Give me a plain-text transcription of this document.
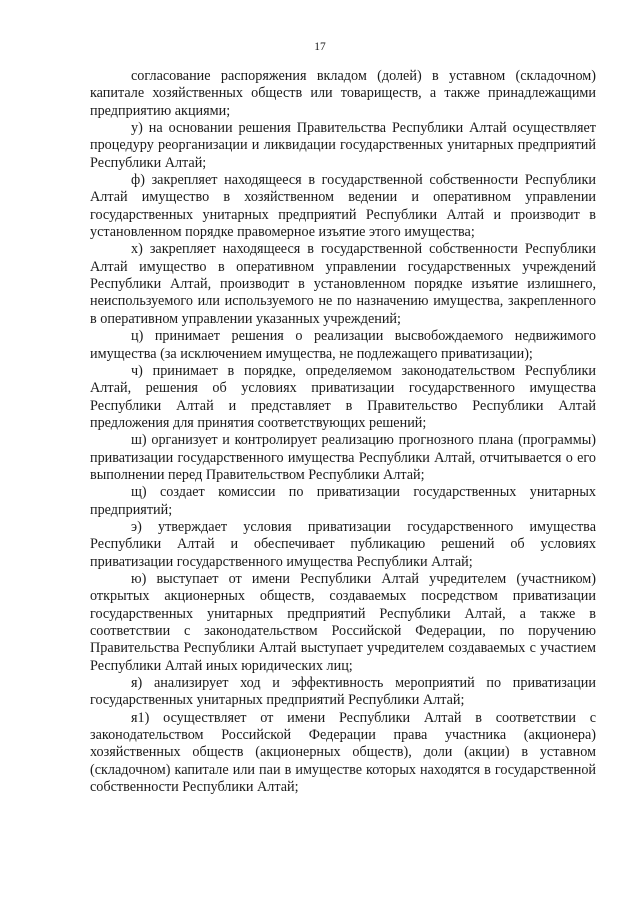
17

согласование распоряжения вкладом (долей) в уставном (складочном) капитале хозяйственных обществ или товариществ, а также принадлежащими предприятию акциями;

у) на основании решения Правительства Республики Алтай осуществляет процедуру реорганизации и ликвидации государственных унитарных предприятий Республики Алтай;

ф) закрепляет находящееся в государственной собственности Республики Алтай имущество в хозяйственном ведении и оперативном управлении государственных унитарных предприятий Республики Алтай и производит в установленном порядке правомерное изъятие этого имущества;

х) закрепляет находящееся в государственной собственности Республики Алтай имущество в оперативном управлении государственных учреждений Республики Алтай, производит в установленном порядке изъятие излишнего, неиспользуемого или используемого не по назначению имущества, закрепленного в оперативном управлении указанных учреждений;

ц) принимает решения о реализации высвобождаемого недвижимого имущества (за исключением имущества, не подлежащего приватизации);

ч) принимает в порядке, определяемом законодательством Республики Алтай, решения об условиях приватизации государственного имущества Республики Алтай и представляет в Правительство Республики Алтай предложения для принятия соответствующих решений;

ш) организует и контролирует реализацию прогнозного плана (программы) приватизации государственного имущества Республики Алтай, отчитывается о его выполнении перед Правительством Республики Алтай;

щ) создает комиссии по приватизации государственных унитарных предприятий;

э) утверждает условия приватизации государственного имущества Республики Алтай и обеспечивает публикацию решений об условиях приватизации государственного имущества Республики Алтай;

ю) выступает от имени Республики Алтай учредителем (участником) открытых акционерных обществ, создаваемых посредством приватизации государственных унитарных предприятий Республики Алтай, а также в соответствии с законодательством Российской Федерации, по поручению Правительства Республики Алтай выступает учредителем создаваемых с участием Республики Алтай иных юридических лиц;

я) анализирует ход и эффективность мероприятий по приватизации государственных унитарных предприятий Республики Алтай;

я1) осуществляет от имени Республики Алтай в соответствии с законодательством Российской Федерации права участника (акционера) хозяйственных обществ (акционерных обществ), доли (акции) в уставном (складочном) капитале или паи в имуществе которых находятся в государственной собственности Республики Алтай;
